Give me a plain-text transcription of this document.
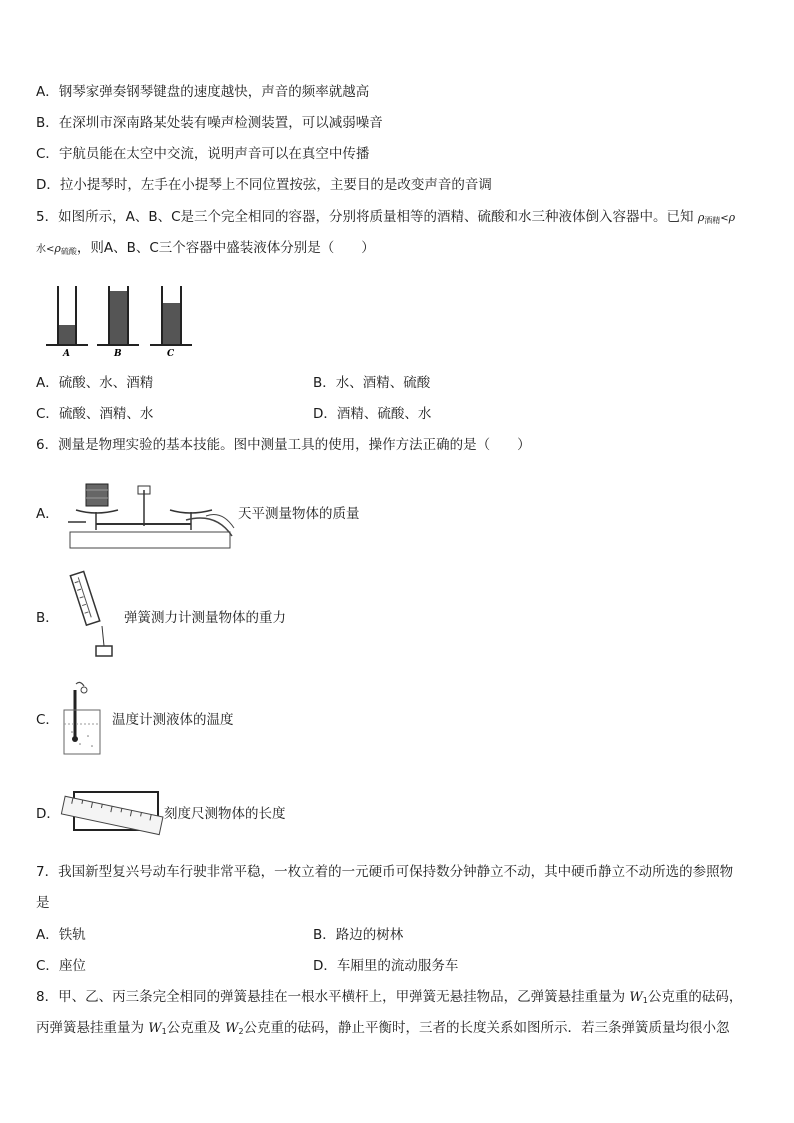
A．钢琴家弹奏钢琴键盘的速度越快，声音的频率就越高
B．在深圳市深南路某处装有噪声检测装置，可以减弱噪音
C．宇航员能在太空中交流，说明声音可以在真空中传播
D．拉小提琴时，左手在小提琴上不同位置按弦，主要目的是改变声音的音调
5．如图所示，A、B、C是三个完全相同的容器，分别将质量相等的酒精、硫酸和水三种液体倒入容器中。已知 $\rho_{酒精}<\rho$
水$<\rho_{硫酸}$，则A、B、C三个容器中盛装液体分别是（　　）
A	B	C
A．硫酸、水、酒精	B．水、酒精、硫酸
C．硫酸、酒精、水	D．酒精、硫酸、水
6．测量是物理实验的基本技能。图中测量工具的使用，操作方法正确的是（　　）
A．	天平测量物体的质量
B．	弹簧测力计测量物体的重力
C．	温度计测液体的温度
D．	刻度尺测物体的长度
7．我国新型复兴号动车行驶非常平稳，一枚立着的一元硬币可保持数分钟静立不动，其中硬币静立不动所选的参照物
是
A．铁轨	B．路边的树林
C．座位	D．车厢里的流动服务车
8．甲、乙、丙三条完全相同的弹簧悬挂在一根水平横杆上，甲弹簧无悬挂物品，乙弹簧悬挂重量为 $W_1$公克重的砝码，
丙弹簧悬挂重量为 $W_1$公克重及 $W_2$公克重的砝码，静止平衡时，三者的长度关系如图所示．若三条弹簧质量均很小忽
